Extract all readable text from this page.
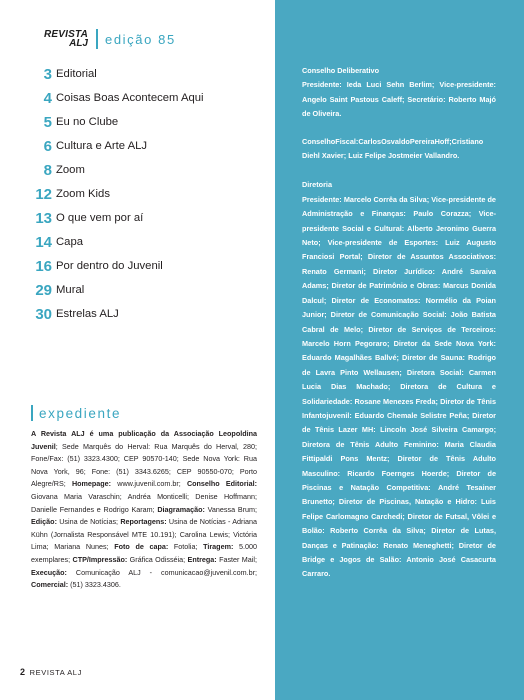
REVISTA
ALJ edição 85
3 Editorial
4 Coisas Boas Acontecem Aqui
5 Eu no Clube
6 Cultura e Arte ALJ
8 Zoom
12 Zoom Kids
13 O que vem por aí
14 Capa
16 Por dentro do Juvenil
29 Mural
30 Estrelas ALJ
expediente
A Revista ALJ é uma publicação da Associação Leopoldina Juvenil; Sede Marquês do Herval: Rua Marquês do Herval, 280; Fone/Fax: (51) 3323.4300; CEP 90570-140; Sede Nova York: Rua Nova York, 96; Fone: (51) 3343.6265; CEP 90550-070; Porto Alegre/RS; Homepage: www.juvenil.com.br; Conselho Editorial: Giovana Maria Varaschin; Andréa Monticelli; Denise Hoffmann; Danielle Fernandes e Rodrigo Karam; Diagramação: Vanessa Brum; Edição: Usina de Notícias; Reportagens: Usina de Notícias - Adriana Kühn (Jornalista Responsável MTE 10.191); Carolina Lewis; Victória Lima; Mariana Nunes; Foto de capa: Fotolia; Tiragem: 5.000 exemplares; CTP/Impressão: Gráfica Odisséia; Entrega: Faster Mail; Execução: Comunicação ALJ - comunicacao@juvenil.com.br; Comercial: (51) 3323.4306.
2 REVISTA ALJ

Conselho Deliberativo
Presidente: Ieda Luci Sehn Berlim; Vice-presidente: Angelo Saint Pastous Caleff; Secretário: Roberto Majó de Oliveira.

ConselhoFiscal:CarlosOsvaldoPereiraHoff;Cristiano Diehl Xavier; Luiz Felipe Jostmeier Vallandro.

Diretoria
Presidente: Marcelo Corrêa da Silva; Vice-presidente de Administração e Finanças: Paulo Corazza; Vice-presidente Social e Cultural: Alberto Jeronimo Guerra Neto; Vice-presidente de Esportes: Luiz Augusto Franciosi Portal; Diretor de Assuntos Associativos: Renato Germani; Diretor Jurídico: André Saraiva Adams; Diretor de Patrimônio e Obras: Marcus Donida Dalcul; Diretor de Economatos: Normélio da Poian Junior; Diretor de Comunicação Social: João Batista Cabral de Melo; Diretor de Serviços de Terceiros: Marcelo Horn Pegoraro; Diretor da Sede Nova York: Eduardo Magalhães Ballvé; Diretor de Sauna: Rodrigo de Lavra Pinto Wellausen; Diretora Social: Carmen Lucia Dias Machado; Diretora de Cultura e Solidariedade: Rosane Menezes Freda; Diretor de Tênis Infantojuvenil: Eduardo Chemale Selistre Peña; Diretor de Tênis Lazer MH: Lincoln José Silveira Camargo; Diretora de Tênis Adulto Feminino: Maria Claudia Fittipaldi Pons Mentz; Diretor de Tênis Adulto Masculino: Ricardo Foernges Hoerde; Diretor de Piscinas e Natação Competitiva: André Tesainer Brunetto; Diretor de Piscinas, Natação e Hidro: Luis Felipe Carlomagno Carchedi; Diretor de Futsal, Vôlei e Bolão: Roberto Corrêa da Silva; Diretor de Lutas, Danças e Patinação: Renato Meneghetti; Diretor de Bridge e Jogos de Salão: Antonio José Casacurta Carraro.
